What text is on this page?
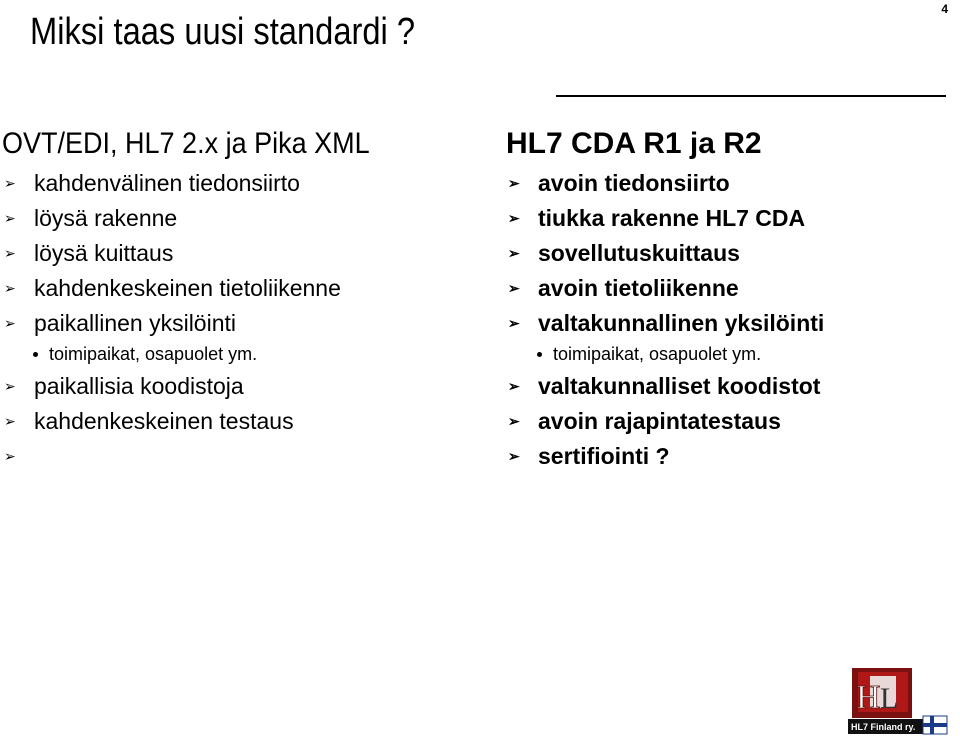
4
Miksi taas uusi standardi ?
OVT/EDI, HL7 2.x ja Pika XML
➢ kahdenvälinen tiedonsiirto
➢ löysä rakenne
➢ löysä kuittaus
➢ kahdenkeskeinen tietoliikenne
➢ paikallinen yksilöinti
toimipaikat, osapuolet ym.
➢ paikallisia koodistoja
➢ kahdenkeskeinen testaus
➢
HL7 CDA R1 ja R2
➢ avoin tiedonsiirto
➢ tiukka rakenne HL7 CDA
➢ sovellutuskuittaus
➢ avoin tietoliikenne
➢ valtakunnallinen yksilöinti
toimipaikat, osapuolet ym.
➢ valtakunnalliset koodistot
➢ avoin rajapintatestaus
➢ sertifiointi ?
H L
7
HL7 Finland ry.
